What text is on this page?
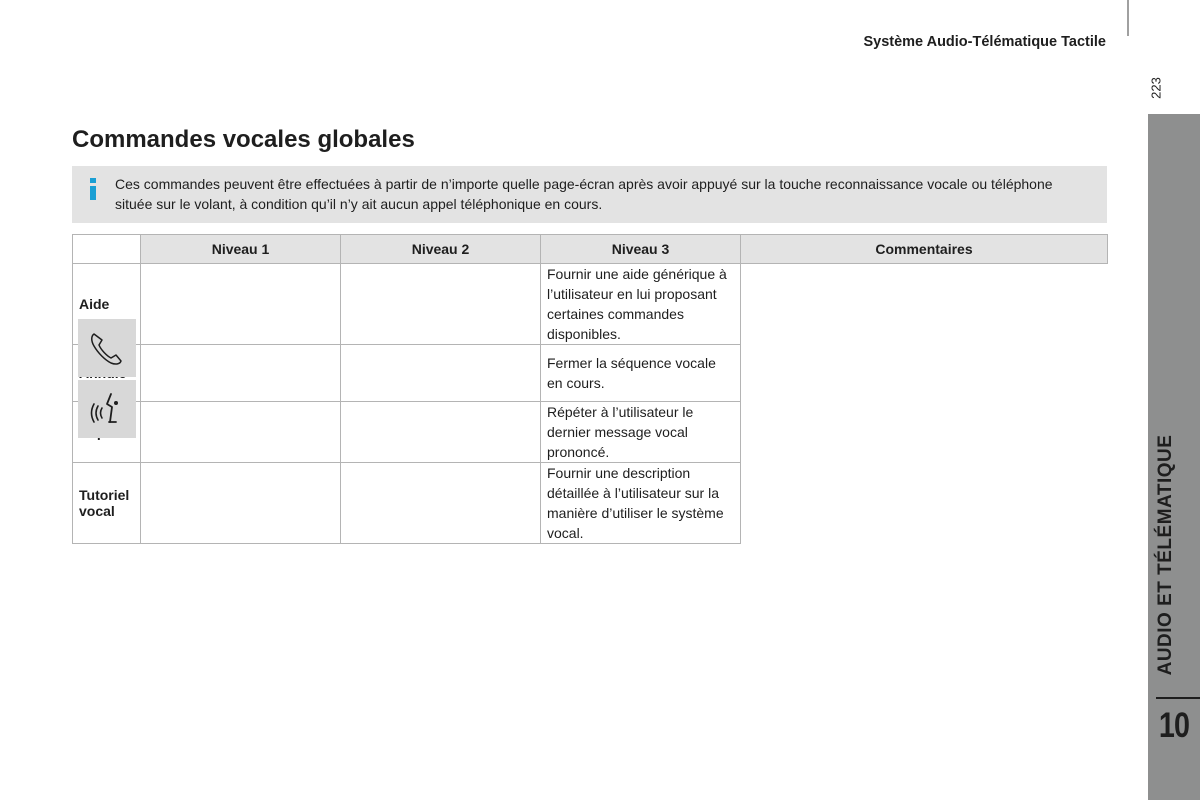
Système Audio-Télématique Tactile
223
AUDIO ET TÉLÉMATIQUE
10
Commandes vocales globales
Ces commandes peuvent être effectuées à partir de n’importe quelle page-écran après avoir appuyé sur la touche reconnaissance vocale ou téléphone située sur le volant, à condition qu’il n’y ait aucun appel téléphonique en cours.
	Niveau 1	Niveau 2	Niveau 3	Commentaires
Aide			Fournir une aide générique à l’utilisateur en lui proposant certaines commandes disponibles.	
			Fermer la séquence vocale en cours.	
			Répéter à l’utilisateur le dernier message vocal prononcé.	
Tutoriel vocal			Fournir une description détaillée à l’utilisateur sur la manière d’utiliser le système vocal.	
